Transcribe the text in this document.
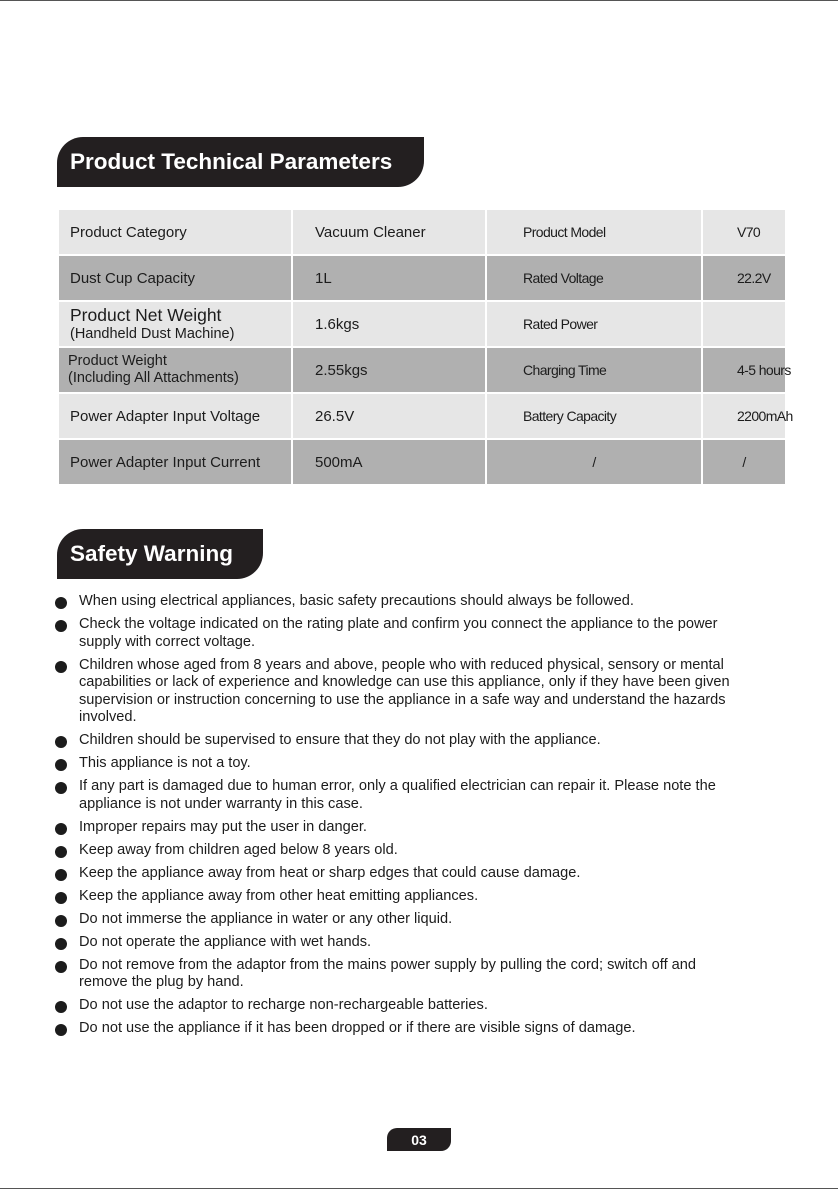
Product Technical Parameters
Product Category	Vacuum Cleaner	Product Model	V70
Dust Cup Capacity	1L	Rated Voltage	22.2V

Product Net Weight
(Handheld Dust Machine)	1.6kgs	Rated Power	

Product Weight
(Including All Attachments)	2.55kgs	Charging Time	4-5 hours
Power Adapter Input Voltage	26.5V	Battery Capacity	2200mAh
Power Adapter Input Current	500mA	/	/
Safety Warning
When using electrical appliances, basic safety precautions should always be followed.
Check the voltage indicated on the rating plate and confirm you connect the appliance to the power supply with correct voltage.
Children whose aged from 8 years and above, people who with reduced physical, sensory or mental capabilities or lack of experience and knowledge can use this appliance, only if they have been given supervision or instruction concerning to use the appliance in a safe way and understand the hazards involved.
Children should be supervised to ensure that they do not play with the appliance.
This appliance is not a toy.
If any part is damaged due to human error, only a qualified electrician can repair it. Please note the appliance is not under warranty in this case.
Improper repairs may put the user in danger.
Keep away from children aged below 8 years old.
Keep the appliance away from heat or sharp edges that could cause damage.
Keep the appliance away from other heat emitting appliances.
Do not immerse the appliance in water or any other liquid.
Do not operate the appliance with wet hands.
Do not remove from the adaptor from the mains power supply by pulling the cord; switch off and remove the plug by hand.
Do not use the adaptor to recharge non-rechargeable batteries.
Do not use the appliance if it has been dropped or if there are visible signs of damage.
03
